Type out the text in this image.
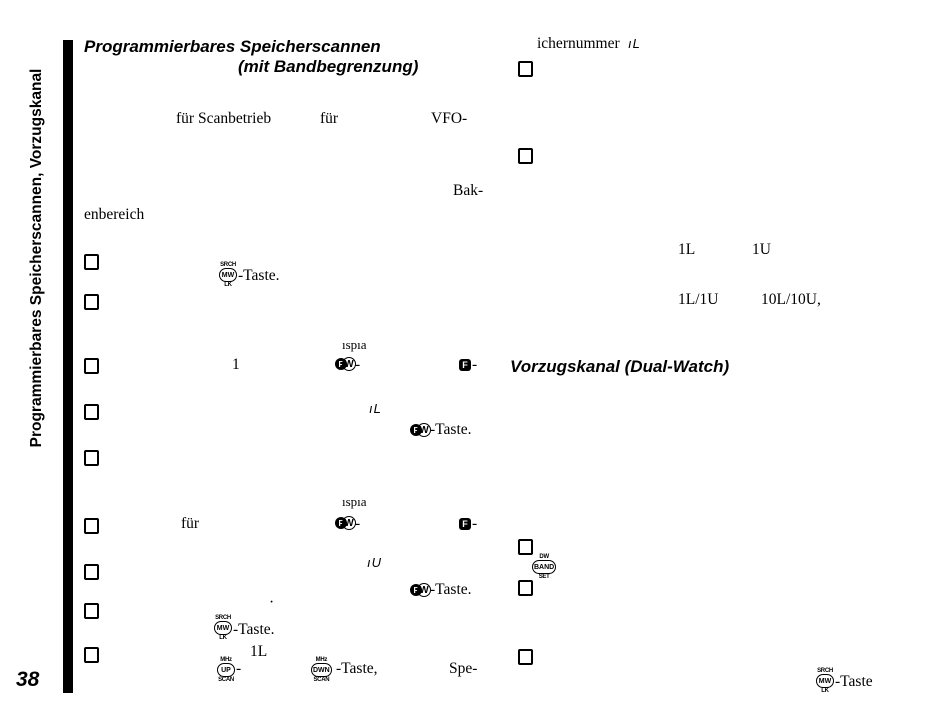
Programmierbares Speicherscannen, Vorzugskanal
38
Programmierbares Speicherscannen
(mit Bandbegrenzung)
für Scanbetrieb	für	VFO-
Bak-
enbereich
SRCH
MW
LK
-Taste.
ıspıa
1	F W -	F -
ıL
F W -Taste.
ıspıa
für	F W -	F -
ıU
F W -Taste.
·
SRCH
MW
LK -Taste.
1L
MHz
UP
SCAN
-	MHz
DWN
SCAN
-Taste,	Spe-
ichernummer ıL
1L	1U
1L/1U	10L/10U,
Vorzugskanal (Dual-Watch)
DW
BAND
SET
SRCH
MW
LK
-Taste
